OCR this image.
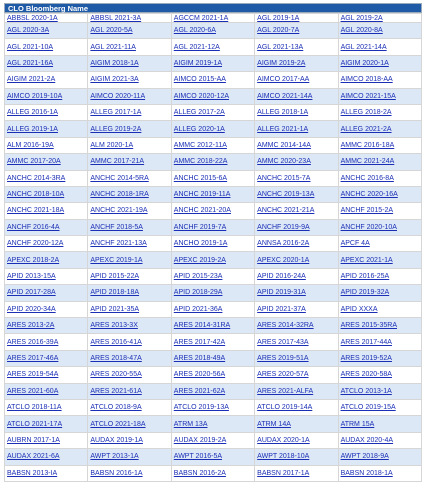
CLO Bloomberg Name
ABBSL 2020-1A	ABBSL 2021-3A	AGCCM 2021-1A	AGL 2019-1A	AGL 2019-2A
AGL 2020-3A	AGL 2020-5A	AGL 2020-6A	AGL 2020-7A	AGL 2020-8A
AGL 2021-10A	AGL 2021-11A	AGL 2021-12A	AGL 2021-13A	AGL 2021-14A
AGL 2021-16A	AIGIM 2018-1A	AIGIM 2019-1A	AIGIM 2019-2A	AIGIM 2020-1A
AIGIM 2021-2A	AIGIM 2021-3A	AIMCO 2015-AA	AIMCO 2017-AA	AIMCO 2018-AA
AIMCO 2019-10A	AIMCO 2020-11A	AIMCO 2020-12A	AIMCO 2021-14A	AIMCO 2021-15A
ALLEG 2016-1A	ALLEG 2017-1A	ALLEG 2017-2A	ALLEG 2018-1A	ALLEG 2018-2A
ALLEG 2019-1A	ALLEG 2019-2A	ALLEG 2020-1A	ALLEG 2021-1A	ALLEG 2021-2A
ALM 2016-19A	ALM 2020-1A	AMMC 2012-11A	AMMC 2014-14A	AMMC 2016-18A
AMMC 2017-20A	AMMC 2017-21A	AMMC 2018-22A	AMMC 2020-23A	AMMC 2021-24A
ANCHC 2014-3RA	ANCHC 2014-5RA	ANCHC 2015-6A	ANCHC 2015-7A	ANCHC 2016-8A
ANCHC 2018-10A	ANCHC 2018-1RA	ANCHC 2019-11A	ANCHC 2019-13A	ANCHC 2020-16A
ANCHC 2021-18A	ANCHC 2021-19A	ANCHC 2021-20A	ANCHC 2021-21A	ANCHF 2015-2A
ANCHF 2016-4A	ANCHF 2018-5A	ANCHF 2019-7A	ANCHF 2019-9A	ANCHF 2020-10A
ANCHF 2020-12A	ANCHF 2021-13A	ANCHO 2019-1A	ANNSA 2016-2A	APCF 4A
APEXC 2018-2A	APEXC 2019-1A	APEXC 2019-2A	APEXC 2020-1A	APEXC 2021-1A
APID 2013-15A	APID 2015-22A	APID 2015-23A	APID 2016-24A	APID 2016-25A
APID 2017-28A	APID 2018-18A	APID 2018-29A	APID 2019-31A	APID 2019-32A
APID 2020-34A	APID 2021-35A	APID 2021-36A	APID 2021-37A	APID XXXA
ARES 2013-2A	ARES 2013-3X	ARES 2014-31RA	ARES 2014-32RA	ARES 2015-35RA
ARES 2016-39A	ARES 2016-41A	ARES 2017-42A	ARES 2017-43A	ARES 2017-44A
ARES 2017-46A	ARES 2018-47A	ARES 2018-49A	ARES 2019-51A	ARES 2019-52A
ARES 2019-54A	ARES 2020-55A	ARES 2020-56A	ARES 2020-57A	ARES 2020-58A
ARES 2021-60A	ARES 2021-61A	ARES 2021-62A	ARES 2021-ALFA	ATCLO 2013-1A
ATCLO 2018-11A	ATCLO 2018-9A	ATCLO 2019-13A	ATCLO 2019-14A	ATCLO 2019-15A
ATCLO 2021-17A	ATCLO 2021-18A	ATRM 13A	ATRM 14A	ATRM 15A
AUBRN 2017-1A	AUDAX 2019-1A	AUDAX 2019-2A	AUDAX 2020-1A	AUDAX 2020-4A
AUDAX 2021-6A	AWPT 2013-1A	AWPT 2016-5A	AWPT 2018-10A	AWPT 2018-9A
BABSN 2013-IA	BABSN 2016-1A	BABSN 2016-2A	BABSN 2017-1A	BABSN 2018-1A
